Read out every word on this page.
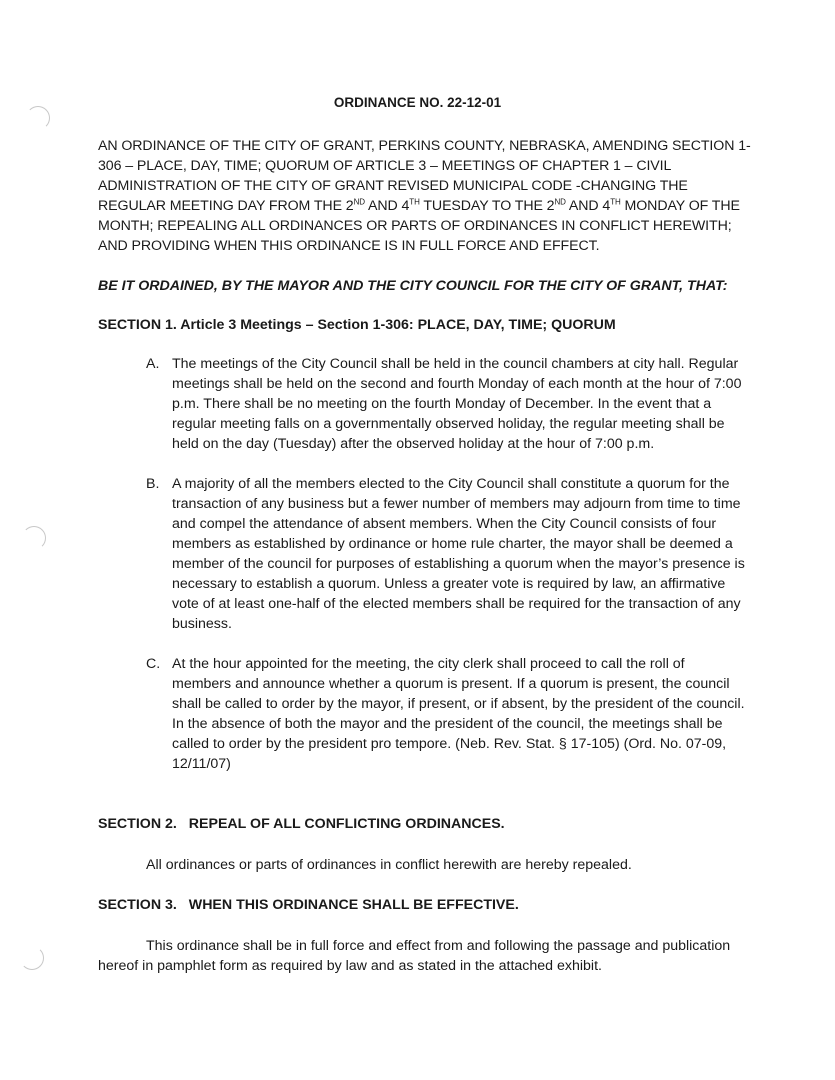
ORDINANCE NO. 22-12-01
AN ORDINANCE OF THE CITY OF GRANT, PERKINS COUNTY, NEBRASKA, AMENDING SECTION 1-306 – PLACE, DAY, TIME; QUORUM OF ARTICLE 3 – MEETINGS OF CHAPTER 1 – CIVIL ADMINISTRATION OF THE CITY OF GRANT REVISED MUNICIPAL CODE -CHANGING THE REGULAR MEETING DAY FROM THE 2ND AND 4TH TUESDAY TO THE 2ND AND 4TH MONDAY OF THE MONTH; REPEALING ALL ORDINANCES OR PARTS OF ORDINANCES IN CONFLICT HEREWITH; AND PROVIDING WHEN THIS ORDINANCE IS IN FULL FORCE AND EFFECT.
BE IT ORDAINED, BY THE MAYOR AND THE CITY COUNCIL FOR THE CITY OF GRANT, THAT:
SECTION 1. Article 3 Meetings – Section 1-306: PLACE, DAY, TIME; QUORUM
A. The meetings of the City Council shall be held in the council chambers at city hall. Regular meetings shall be held on the second and fourth Monday of each month at the hour of 7:00 p.m. There shall be no meeting on the fourth Monday of December. In the event that a regular meeting falls on a governmentally observed holiday, the regular meeting shall be held on the day (Tuesday) after the observed holiday at the hour of 7:00 p.m.
B. A majority of all the members elected to the City Council shall constitute a quorum for the transaction of any business but a fewer number of members may adjourn from time to time and compel the attendance of absent members. When the City Council consists of four members as established by ordinance or home rule charter, the mayor shall be deemed a member of the council for purposes of establishing a quorum when the mayor’s presence is necessary to establish a quorum. Unless a greater vote is required by law, an affirmative vote of at least one-half of the elected members shall be required for the transaction of any business.
C. At the hour appointed for the meeting, the city clerk shall proceed to call the roll of members and announce whether a quorum is present. If a quorum is present, the council shall be called to order by the mayor, if present, or if absent, by the president of the council. In the absence of both the mayor and the president of the council, the meetings shall be called to order by the president pro tempore. (Neb. Rev. Stat. § 17-105) (Ord. No. 07-09, 12/11/07)
SECTION 2. REPEAL OF ALL CONFLICTING ORDINANCES.
All ordinances or parts of ordinances in conflict herewith are hereby repealed.
SECTION 3. WHEN THIS ORDINANCE SHALL BE EFFECTIVE.
This ordinance shall be in full force and effect from and following the passage and publication hereof in pamphlet form as required by law and as stated in the attached exhibit.
